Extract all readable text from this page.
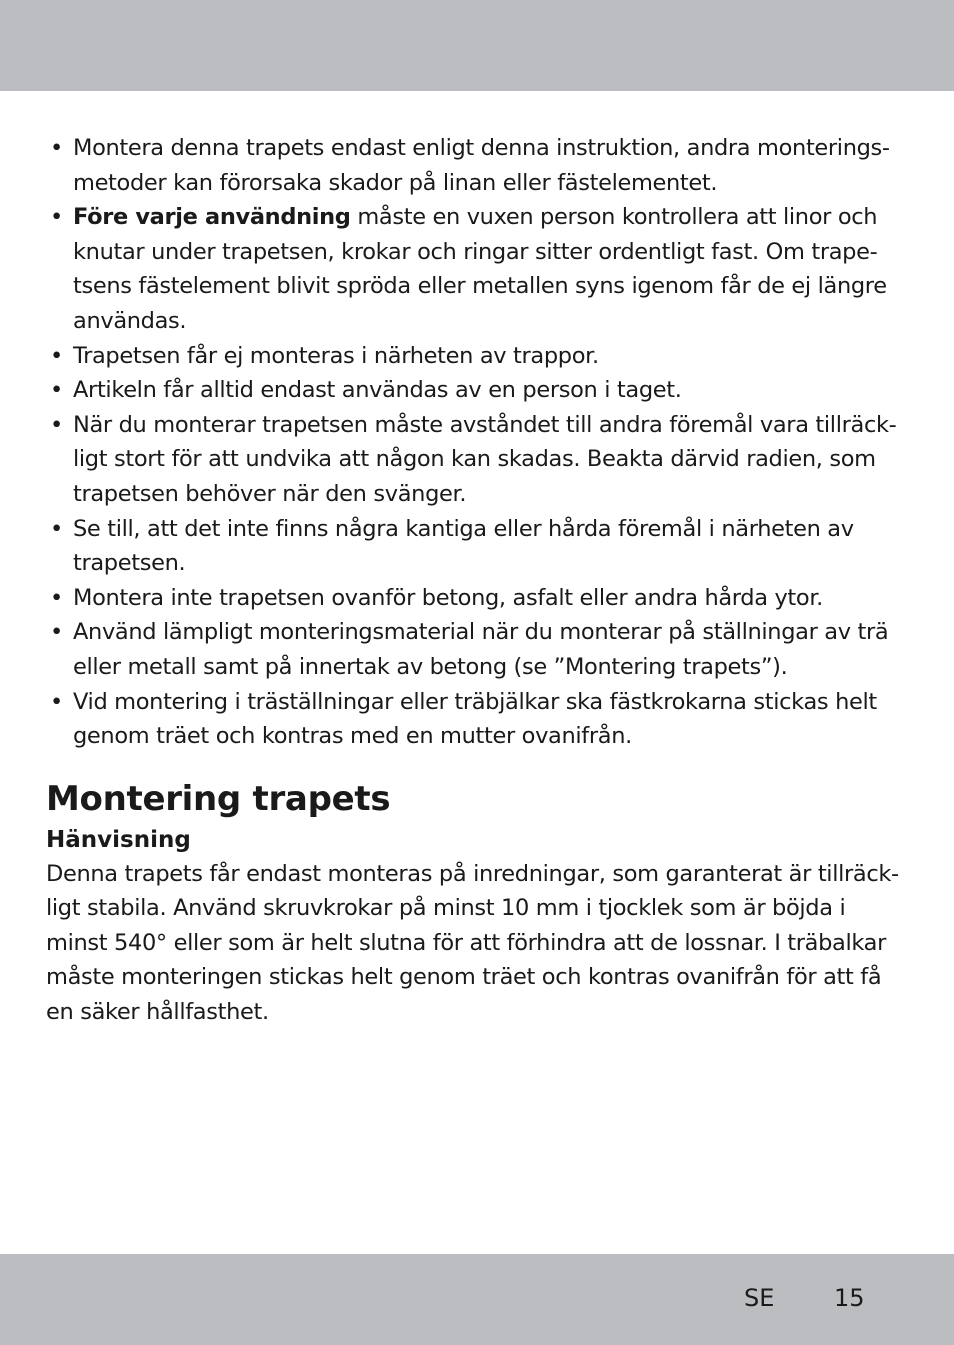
• Montera denna trapets endast enligt denna instruktion, andra monterings-metoder kan förorsaka skador på linan eller fästelementet.
• Före varje användning måste en vuxen person kontrollera att linor och knutar under trapetsen, krokar och ringar sitter ordentligt fast. Om trape-tsens fästelement blivit spröda eller metallen syns igenom får de ej längre användas.
• Trapetsen får ej monteras i närheten av trappor.
• Artikeln får alltid endast användas av en person i taget.
• När du monterar trapetsen måste avståndet till andra föremål vara tillräck-ligt stort för att undvika att någon kan skadas. Beakta därvid radien, som trapetsen behöver när den svänger.
• Se till, att det inte finns några kantiga eller hårda föremål i närheten av trapetsen.
• Montera inte trapetsen ovanför betong, asfalt eller andra hårda ytor.
• Använd lämpligt monteringsmaterial när du monterar på ställningar av trä eller metall samt på innertak av betong (se ”Montering trapets”).
• Vid montering i träställningar eller träbjälkar ska fästkrokarna stickas helt genom träet och kontras med en mutter ovanifrån.
Montering trapets
Hänvisning

Denna trapets får endast monteras på inredningar, som garanterat är tillräck-ligt stabila. Använd skruvkrokar på minst 10 mm i tjocklek som är böjda i minst 540° eller som är helt slutna för att förhindra att de lossnar. I träbalkar måste monteringen stickas helt genom träet och kontras ovanifrån för att få en säker hållfasthet.

SE 15
